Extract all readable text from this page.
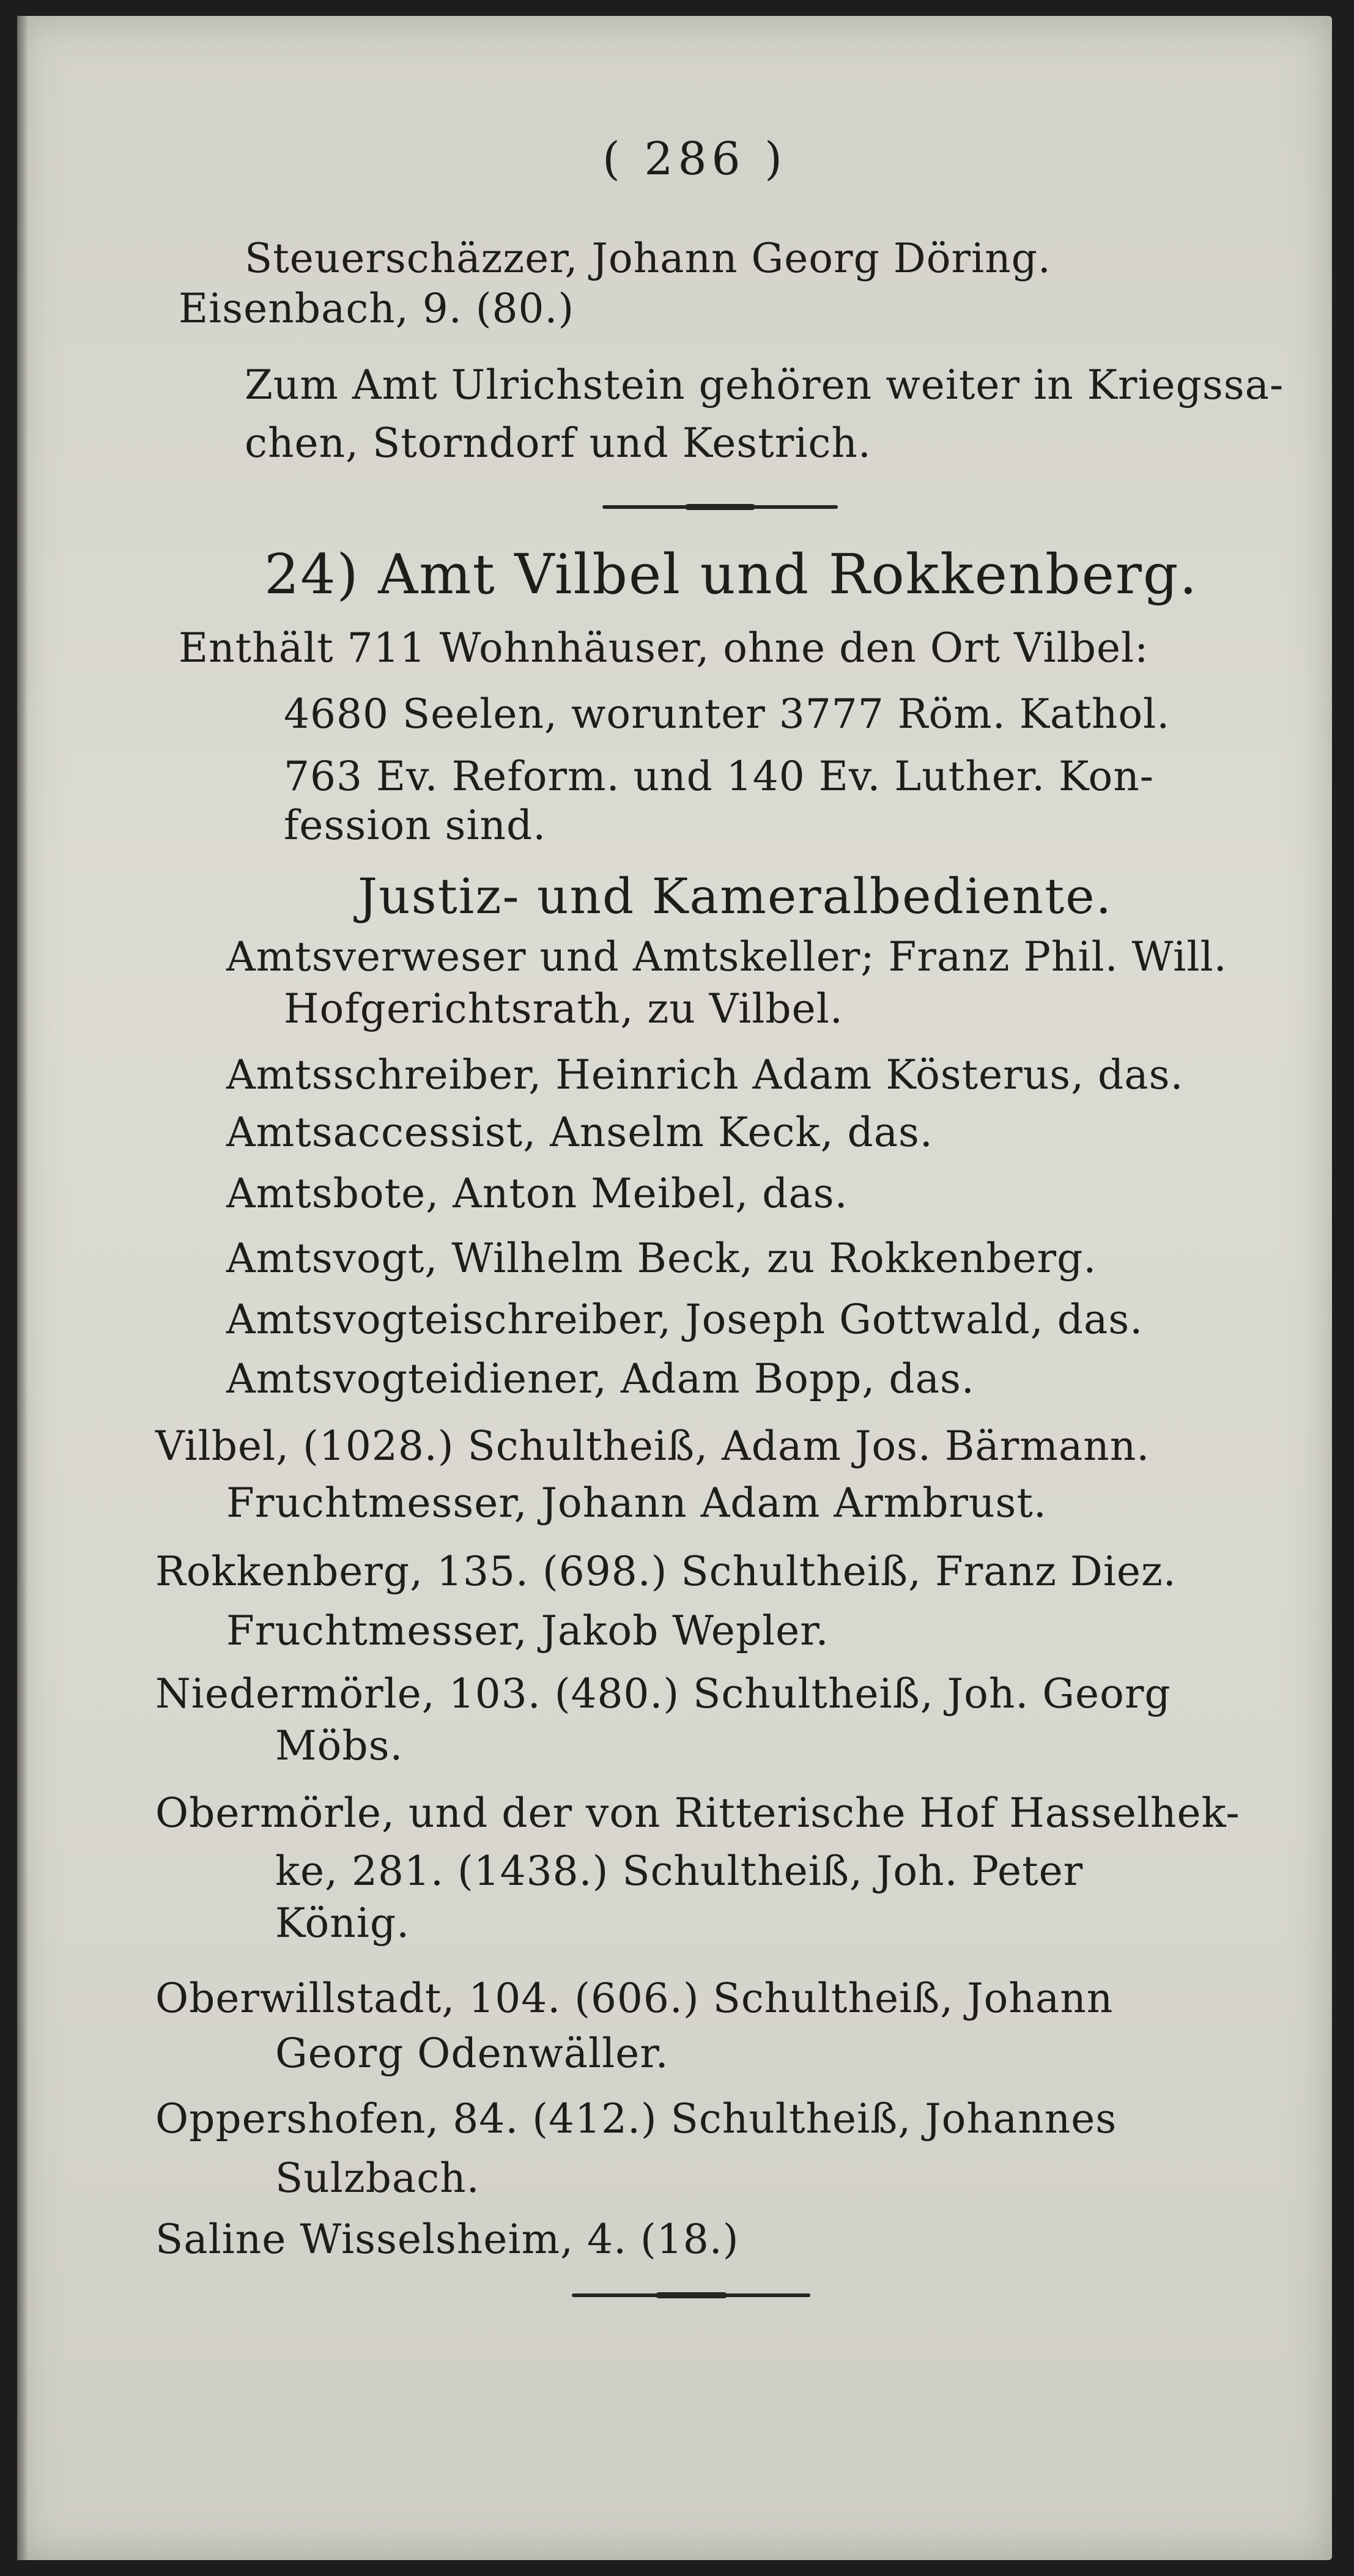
( 286 )
Steuerschäzzer, Johann Georg Döring.
Eisenbach, 9. (80.)
Zum Amt Ulrichstein gehören weiter in Kriegssa-
chen, Storndorf und Kestrich.
24) Amt Vilbel und Rokkenberg.
Enthält 711 Wohnhäuser, ohne den Ort Vilbel:
4680 Seelen, worunter 3777 Röm. Kathol.
763 Ev. Reform. und 140 Ev. Luther. Kon-
fession sind.
Justiz- und Kameralbediente.
Amtsverweser und Amtskeller; Franz Phil. Will.
Hofgerichtsrath, zu Vilbel.
Amtsschreiber, Heinrich Adam Kösterus, das.
Amtsaccessist, Anselm Keck, das.
Amtsbote, Anton Meibel, das.
Amtsvogt, Wilhelm Beck, zu Rokkenberg.
Amtsvogteischreiber, Joseph Gottwald, das.
Amtsvogteidiener, Adam Bopp, das.
Vilbel, (1028.) Schultheiß, Adam Jos. Bärmann.
Fruchtmesser, Johann Adam Armbrust.
Rokkenberg, 135. (698.) Schultheiß, Franz Diez.
Fruchtmesser, Jakob Wepler.
Niedermörle, 103. (480.) Schultheiß, Joh. Georg
Möbs.
Obermörle, und der von Ritterische Hof Hasselhek-
ke, 281. (1438.) Schultheiß, Joh. Peter
König.
Oberwillstadt, 104. (606.) Schultheiß, Johann
Georg Odenwäller.
Oppershofen, 84. (412.) Schultheiß, Johannes
Sulzbach.
Saline Wisselsheim, 4. (18.)
